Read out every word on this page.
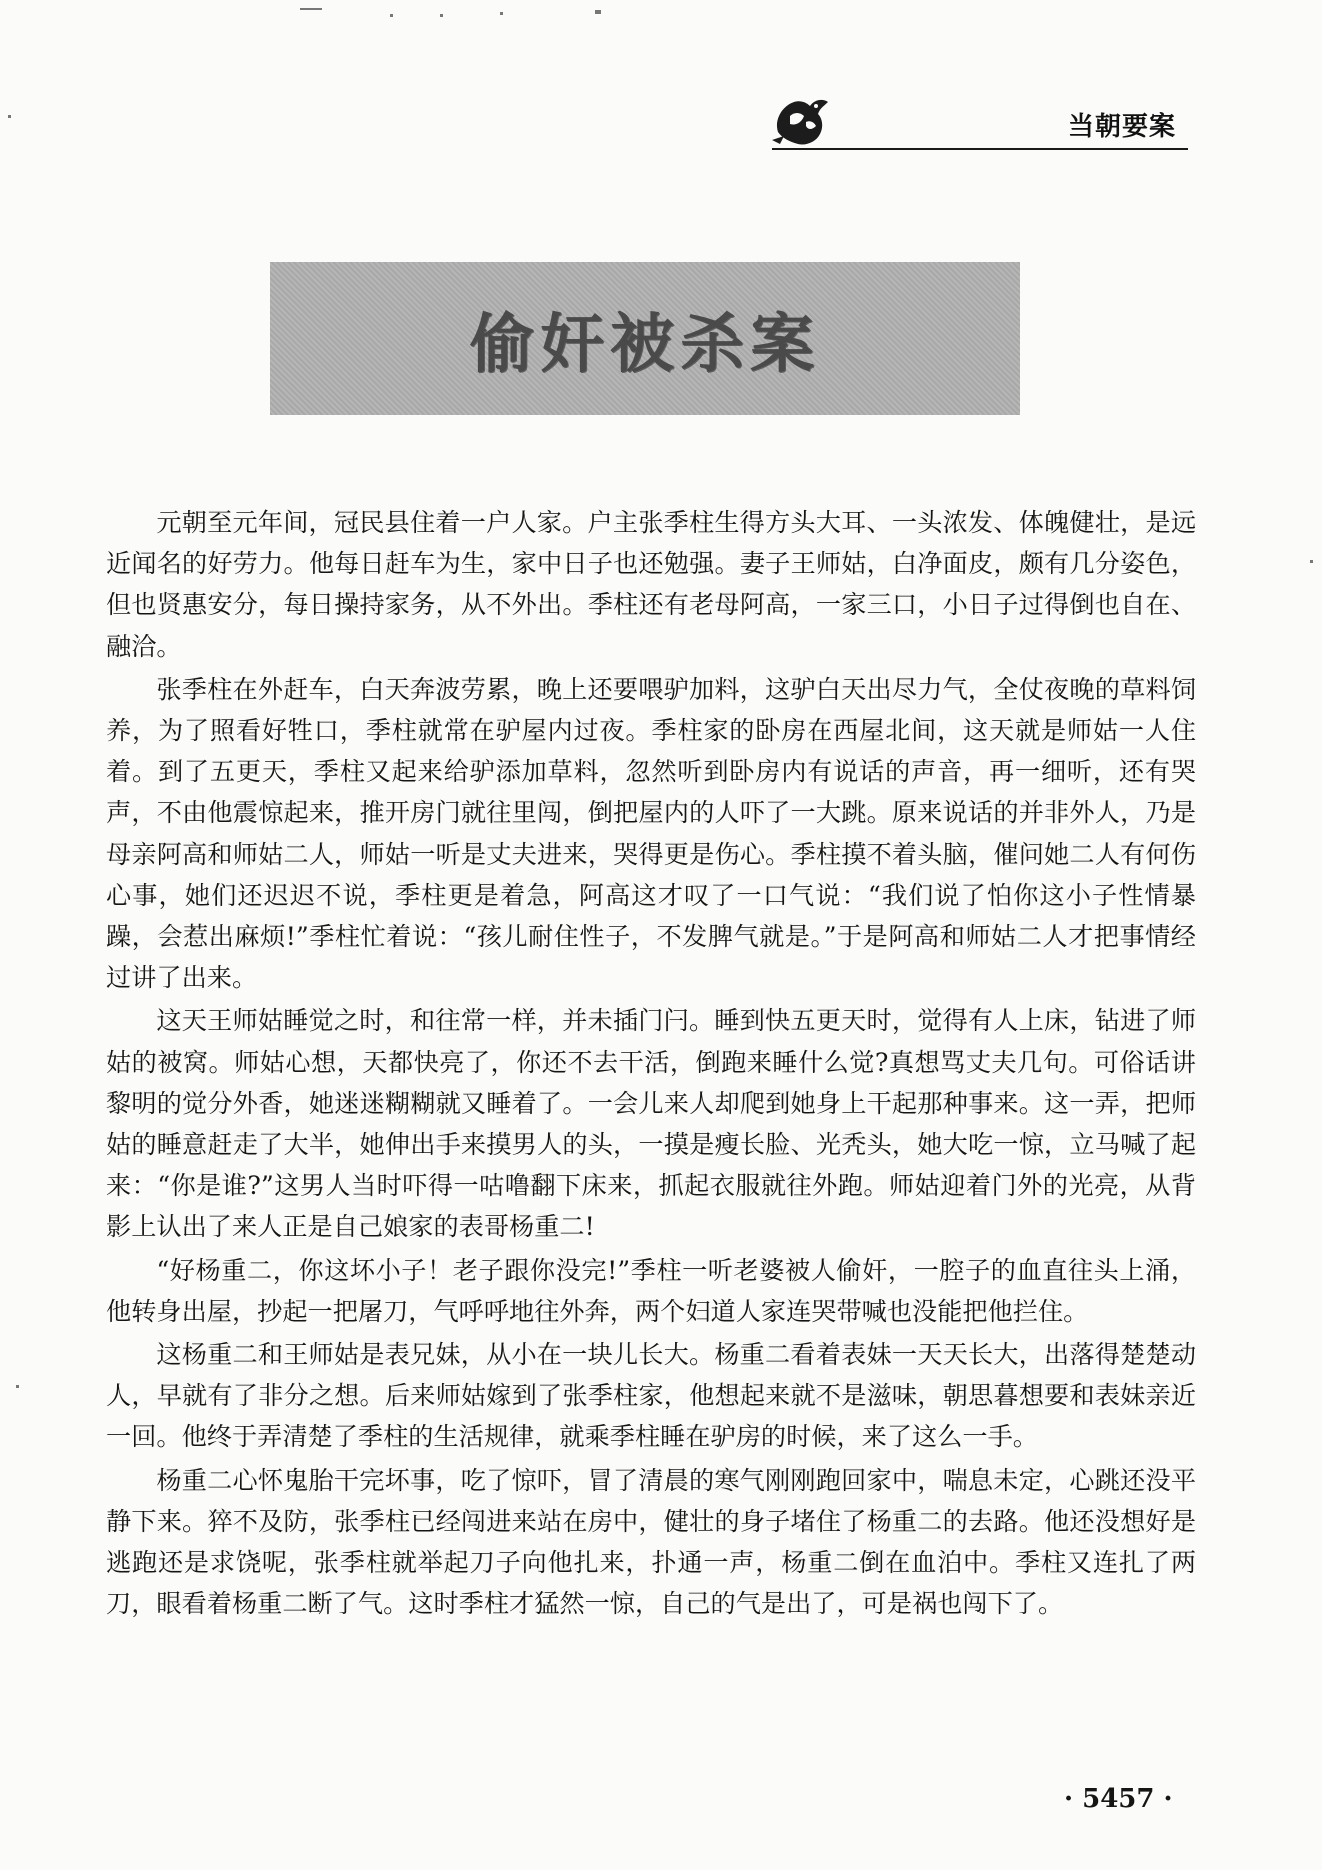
当朝要案
偷奸被杀案

元朝至元年间，冠民县住着一户人家。户主张季柱生得方头大耳、一头浓发、体魄健壮，是远近闻名的好劳力。他每日赶车为生，家中日子也还勉强。妻子王师姑，白净面皮，颇有几分姿色，但也贤惠安分，每日操持家务，从不外出。季柱还有老母阿高，一家三口，小日子过得倒也自在、融洽。

张季柱在外赶车，白天奔波劳累，晚上还要喂驴加料，这驴白天出尽力气，全仗夜晚的草料饲养，为了照看好牲口，季柱就常在驴屋内过夜。季柱家的卧房在西屋北间，这天就是师姑一人住着。到了五更天，季柱又起来给驴添加草料，忽然听到卧房内有说话的声音，再一细听，还有哭声，不由他震惊起来，推开房门就往里闯，倒把屋内的人吓了一大跳。原来说话的并非外人，乃是母亲阿高和师姑二人，师姑一听是丈夫进来，哭得更是伤心。季柱摸不着头脑，催问她二人有何伤心事，她们还迟迟不说，季柱更是着急，阿高这才叹了一口气说：“我们说了怕你这小子性情暴躁，会惹出麻烦!”季柱忙着说：“孩儿耐住性子，不发脾气就是。”于是阿高和师姑二人才把事情经过讲了出来。

这天王师姑睡觉之时，和往常一样，并未插门闩。睡到快五更天时，觉得有人上床，钻进了师姑的被窝。师姑心想，天都快亮了，你还不去干活，倒跑来睡什么觉?真想骂丈夫几句。可俗话讲黎明的觉分外香，她迷迷糊糊就又睡着了。一会儿来人却爬到她身上干起那种事来。这一弄，把师姑的睡意赶走了大半，她伸出手来摸男人的头，一摸是瘦长脸、光秃头，她大吃一惊，立马喊了起来：“你是谁?”这男人当时吓得一咕噜翻下床来，抓起衣服就往外跑。师姑迎着门外的光亮，从背影上认出了来人正是自己娘家的表哥杨重二!

“好杨重二，你这坏小子！老子跟你没完!”季柱一听老婆被人偷奸，一腔子的血直往头上涌，他转身出屋，抄起一把屠刀，气呼呼地往外奔，两个妇道人家连哭带喊也没能把他拦住。

这杨重二和王师姑是表兄妹，从小在一块儿长大。杨重二看着表妹一天天长大，出落得楚楚动人，早就有了非分之想。后来师姑嫁到了张季柱家，他想起来就不是滋味，朝思暮想要和表妹亲近一回。他终于弄清楚了季柱的生活规律，就乘季柱睡在驴房的时候，来了这么一手。

杨重二心怀鬼胎干完坏事，吃了惊吓，冒了清晨的寒气刚刚跑回家中，喘息未定，心跳还没平静下来。猝不及防，张季柱已经闯进来站在房中，健壮的身子堵住了杨重二的去路。他还没想好是逃跑还是求饶呢，张季柱就举起刀子向他扎来，扑通一声，杨重二倒在血泊中。季柱又连扎了两刀，眼看着杨重二断了气。这时季柱才猛然一惊，自己的气是出了，可是祸也闯下了。

· 5457 ·
